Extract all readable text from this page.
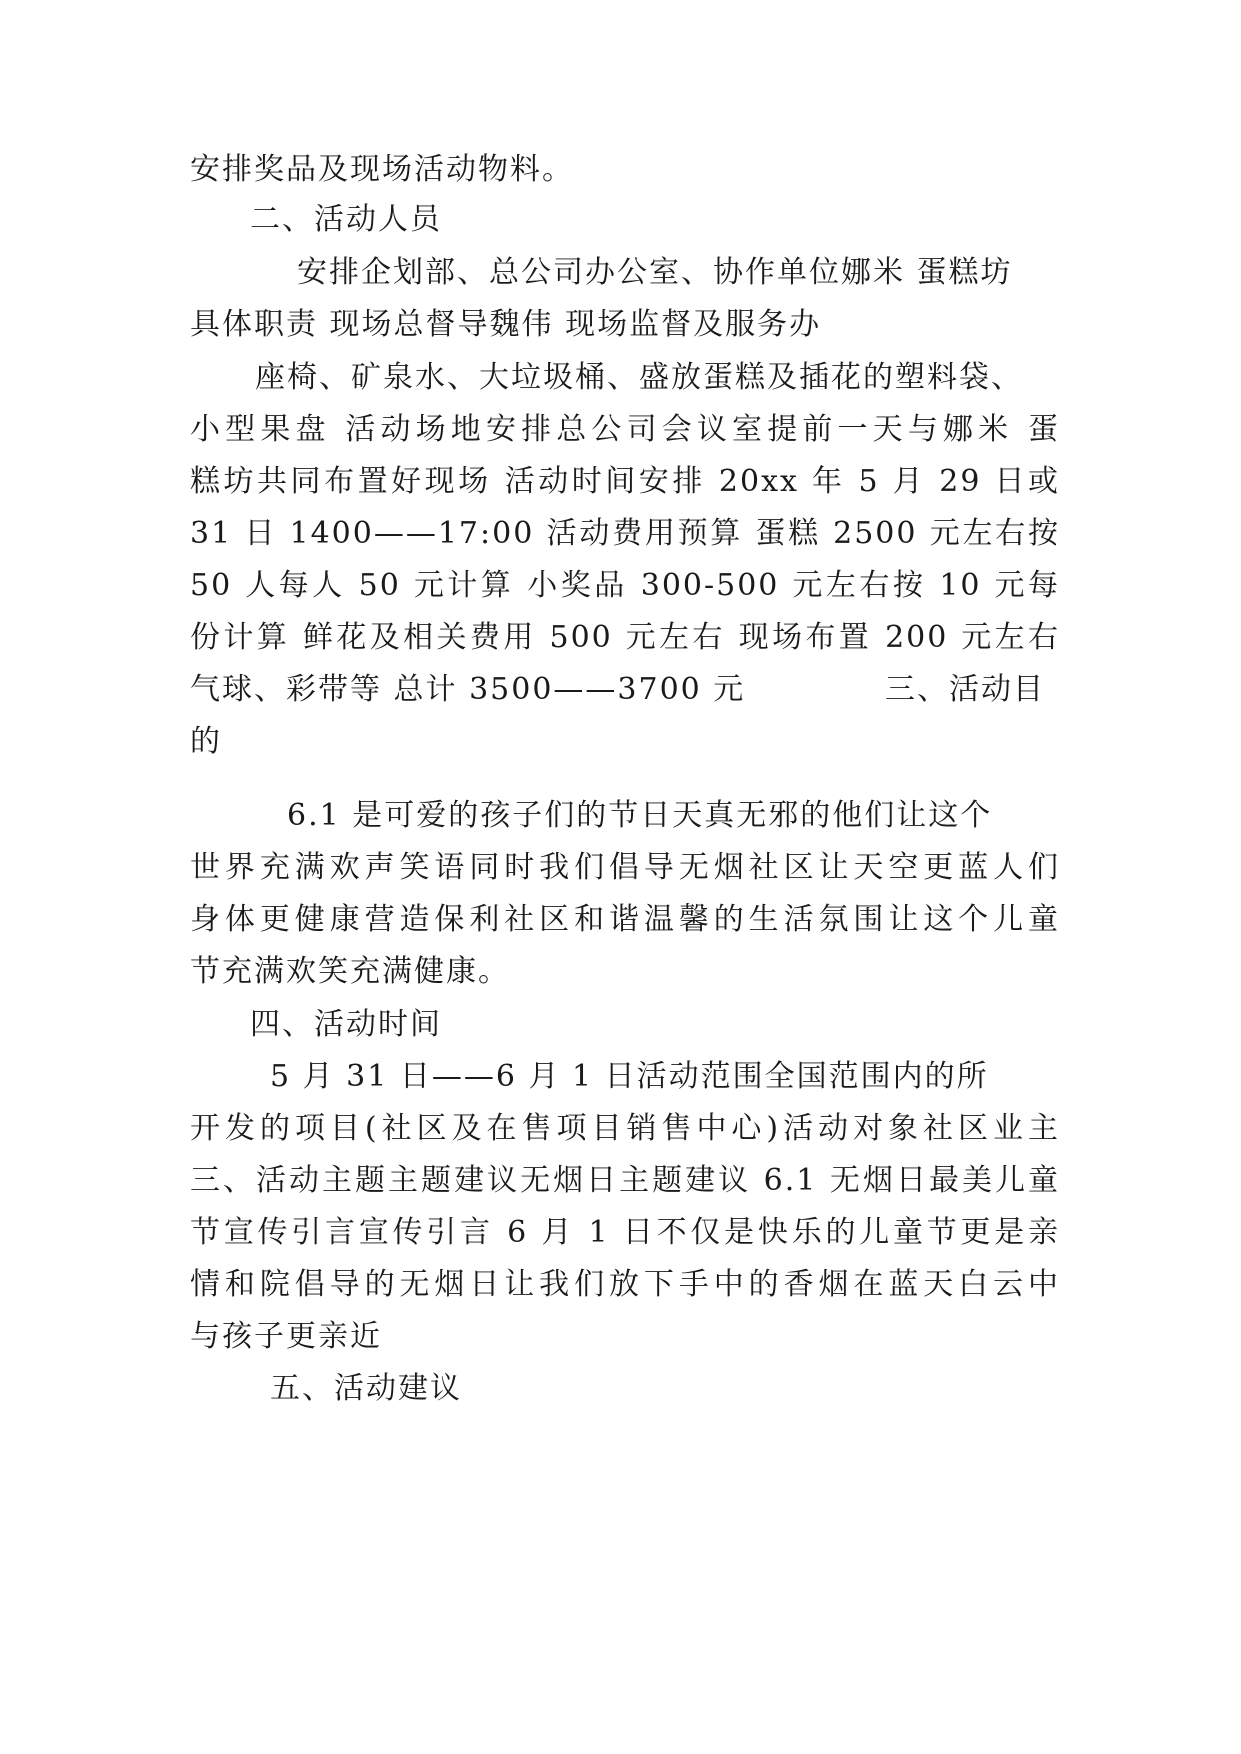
安排奖品及现场活动物料。
二、活动人员
安排企划部、总公司办公室、协作单位娜米 蛋糕坊
具体职责 现场总督导魏伟 现场监督及服务办
座椅、矿泉水、大垃圾桶、盛放蛋糕及插花的塑料袋、
小型果盘 活动场地安排总公司会议室提前一天与娜米 蛋
糕坊共同布置好现场 活动时间安排 20xx 年 5 月 29 日或
31 日 1400——17:00 活动费用预算 蛋糕 2500 元左右按
50 人每人 50 元计算 小奖品 300-500 元左右按 10 元每
份计算 鲜花及相关费用 500 元左右 现场布置 200 元左右
气球、彩带等 总计 3500——3700 元	三、活动目
的
6.1 是可爱的孩子们的节日天真无邪的他们让这个
世界充满欢声笑语同时我们倡导无烟社区让天空更蓝人们
身体更健康营造保利社区和谐温馨的生活氛围让这个儿童
节充满欢笑充满健康。
四、活动时间
5 月 31 日——6 月 1 日活动范围全国范围内的所
开发的项目(社区及在售项目销售中心)活动对象社区业主
三、活动主题主题建议无烟日主题建议 6.1 无烟日最美儿童
节宣传引言宣传引言 6 月 1 日不仅是快乐的儿童节更是亲
情和院倡导的无烟日让我们放下手中的香烟在蓝天白云中
与孩子更亲近
五、活动建议
